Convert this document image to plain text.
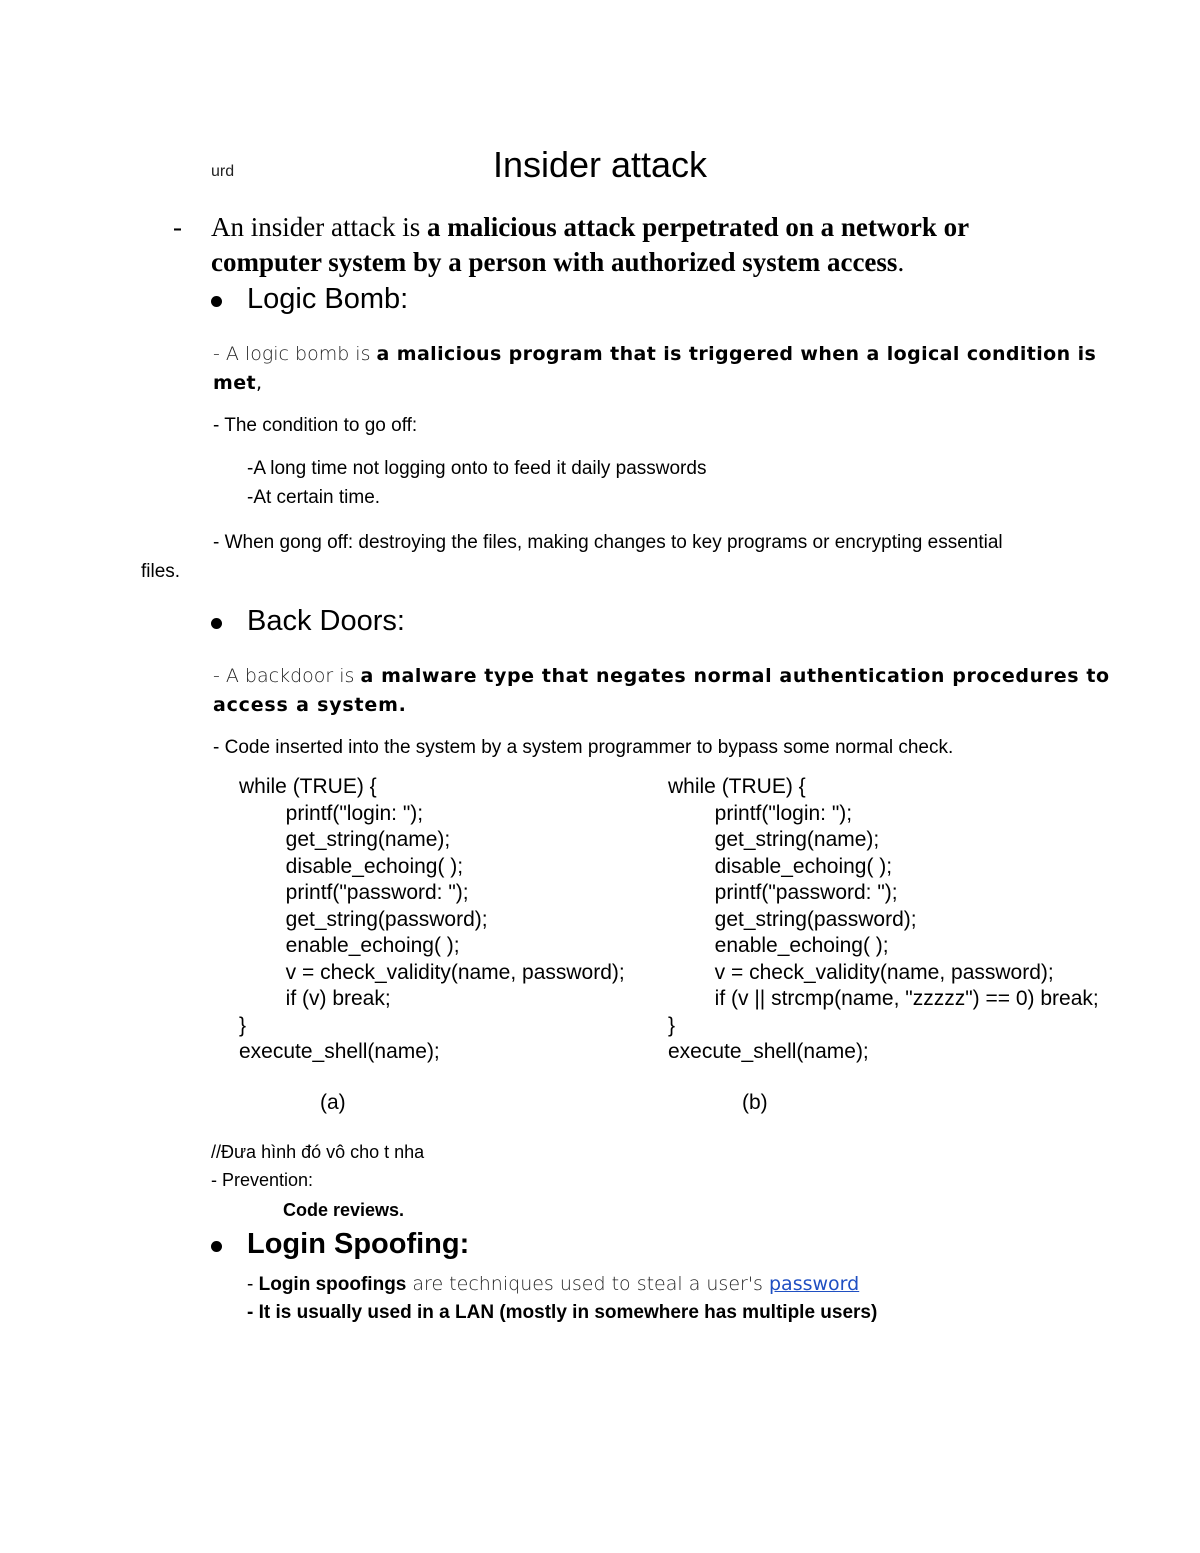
urd	Insider attack
- An insider attack is a malicious attack perpetrated on a network or
computer system by a person with authorized system access.
Logic Bomb:
- A logic bomb is a malicious program that is triggered when a logical condition is
met,
- The condition to go off:
-A long time not logging onto to feed it daily passwords
-At certain time.
- When gong off: destroying the files, making changes to key programs or encrypting essential
files.
Back Doors:
- A backdoor is a malware type that negates normal authentication procedures to
access a system.
- Code inserted into the system by a system programmer to bypass some normal check.
while (TRUE) {
printf("login: ");
get_string(name);
disable_echoing( );
printf("password: ");
get_string(password);
enable_echoing( );
v = check_validity(name, password);
if (v) break;
}
execute_shell(name);
while (TRUE) {
printf("login: ");
get_string(name);
disable_echoing( );
printf("password: ");
get_string(password);
enable_echoing( );
v = check_validity(name, password);
if (v || strcmp(name, "zzzzz") == 0) break;
}
execute_shell(name);
(a)	(b)
//Đưa hình đó vô cho t nha
- Prevention:
Code reviews.
Login Spoofing:
- Login spoofings are techniques used to steal a user's password
- It is usually used in a LAN (mostly in somewhere has multiple users)
